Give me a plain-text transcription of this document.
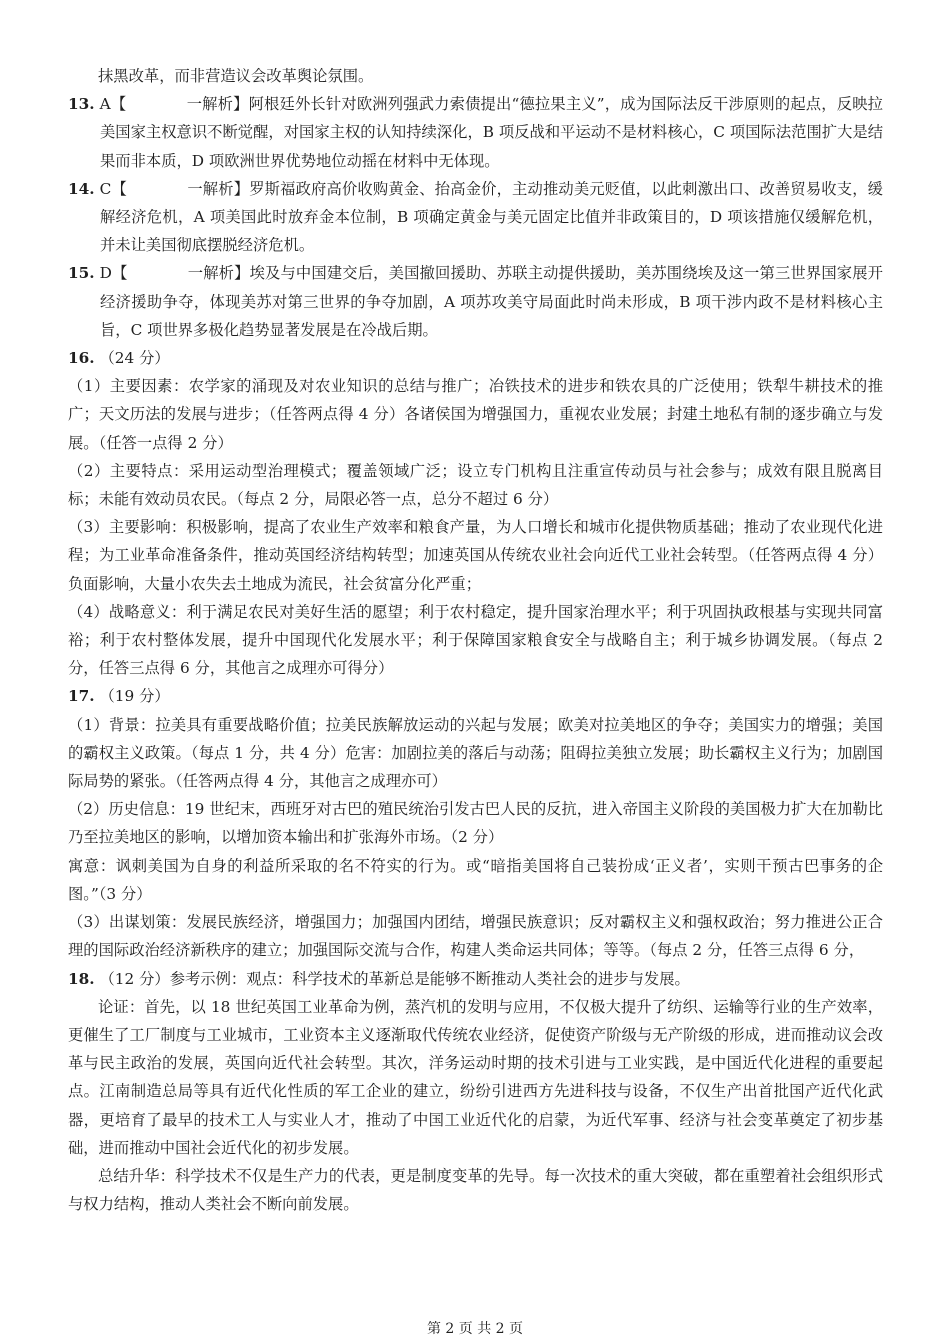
抹黑改革，而非营造议会改革舆论氛围。

13. A【            一解析】阿根廷外长针对欧洲列强武力索债提出“德拉果主义”，成为国际法反干涉原则的起点，反映拉美国家主权意识不断觉醒，对国家主权的认知持续深化，B 项反战和平运动不是材料核心，C 项国际法范围扩大是结果而非本质，D 项欧洲世界优势地位动摇在材料中无体现。

14. C【            一解析】罗斯福政府高价收购黄金、抬高金价，主动推动美元贬值，以此刺激出口、改善贸易收支，缓解经济危机，A 项美国此时放弃金本位制，B 项确定黄金与美元固定比值并非政策目的，D 项该措施仅缓解危机，并未让美国彻底摆脱经济危机。

15. D【            一解析】埃及与中国建交后，美国撤回援助、苏联主动提供援助，美苏围绕埃及这一第三世界国家展开经济援助争夺，体现美苏对第三世界的争夺加剧，A 项苏攻美守局面此时尚未形成，B 项干涉内政不是材料核心主旨，C 项世界多极化趋势显著发展是在冷战后期。

16. （24 分）

（1）主要因素：农学家的涌现及对农业知识的总结与推广；冶铁技术的进步和铁农具的广泛使用；铁犁牛耕技术的推广；天文历法的发展与进步；（任答两点得 4 分）各诸侯国为增强国力，重视农业发展；封建土地私有制的逐步确立与发展。（任答一点得 2 分）

（2）主要特点：采用运动型治理模式；覆盖领域广泛；设立专门机构且注重宣传动员与社会参与；成效有限且脱离目标；未能有效动员农民。（每点 2 分，局限必答一点，总分不超过 6 分）

（3）主要影响：积极影响，提高了农业生产效率和粮食产量，为人口增长和城市化提供物质基础；推动了农业现代化进程；为工业革命准备条件，推动英国经济结构转型；加速英国从传统农业社会向近代工业社会转型。（任答两点得 4 分）负面影响，大量小农失去土地成为流民，社会贫富分化严重；

（4）战略意义：利于满足农民对美好生活的愿望；利于农村稳定，提升国家治理水平；利于巩固执政根基与实现共同富裕；利于农村整体发展，提升中国现代化发展水平；利于保障国家粮食安全与战略自主；利于城乡协调发展。（每点 2 分，任答三点得 6 分，其他言之成理亦可得分）

17. （19 分）

（1）背景：拉美具有重要战略价值；拉美民族解放运动的兴起与发展；欧美对拉美地区的争夺；美国实力的增强；美国的霸权主义政策。（每点 1 分，共 4 分）危害：加剧拉美的落后与动荡；阻碍拉美独立发展；助长霸权主义行为；加剧国际局势的紧张。（任答两点得 4 分，其他言之成理亦可）

（2）历史信息：19 世纪末，西班牙对古巴的殖民统治引发古巴人民的反抗，进入帝国主义阶段的美国极力扩大在加勒比乃至拉美地区的影响，以增加资本输出和扩张海外市场。（2 分）

寓意：讽刺美国为自身的利益所采取的名不符实的行为。或“暗指美国将自己装扮成‘正义者’，实则干预古巴事务的企图。”（3 分）

（3）出谋划策：发展民族经济，增强国力；加强国内团结，增强民族意识；反对霸权主义和强权政治；努力推进公正合理的国际政治经济新秩序的建立；加强国际交流与合作，构建人类命运共同体；等等。（每点 2 分，任答三点得 6 分，

18. （12 分）参考示例：观点：科学技术的革新总是能够不断推动人类社会的进步与发展。

论证：首先，以 18 世纪英国工业革命为例，蒸汽机的发明与应用，不仅极大提升了纺织、运输等行业的生产效率，更催生了工厂制度与工业城市，工业资本主义逐渐取代传统农业经济，促使资产阶级与无产阶级的形成，进而推动议会改革与民主政治的发展，英国向近代社会转型。其次，洋务运动时期的技术引进与工业实践，是中国近代化进程的重要起点。江南制造总局等具有近代化性质的军工企业的建立，纷纷引进西方先进科技与设备，不仅生产出首批国产近代化武器，更培育了最早的技术工人与实业人才，推动了中国工业近代化的启蒙，为近代军事、经济与社会变革奠定了初步基础，进而推动中国社会近代化的初步发展。

总结升华：科学技术不仅是生产力的代表，更是制度变革的先导。每一次技术的重大突破，都在重塑着社会组织形式与权力结构，推动人类社会不断向前发展。

第 2 页 共 2 页
